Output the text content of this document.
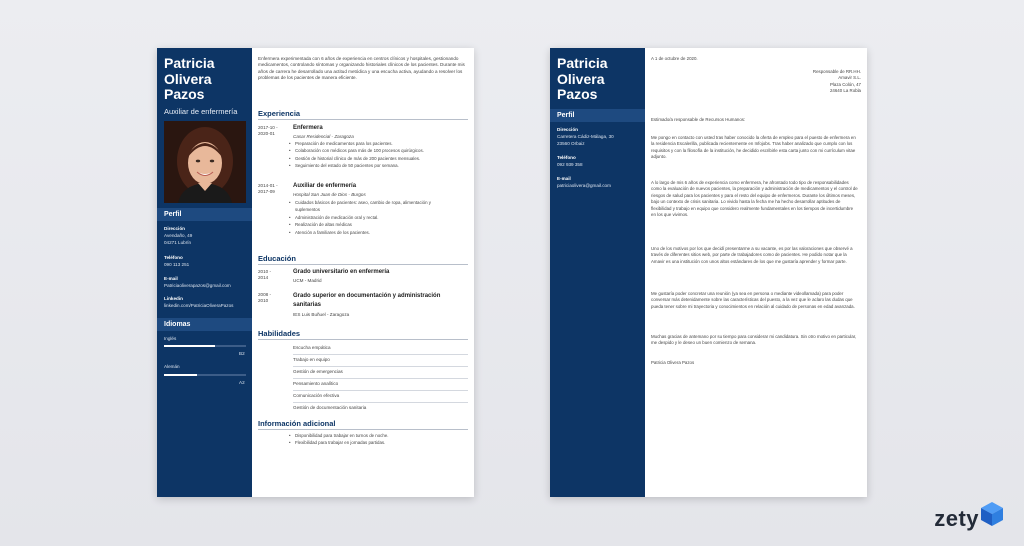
Patricia
Olivera
Pazos
Auxiliar de enfermería
Perfil
Dirección
Avendaño, 49
04271 Lubrín
Teléfono
090 113 251
E-mail
Patriciaoliverapazos@gmail.com
Linkedin
linkedin.com/PatriciaOliveraPazos
Idiomas
Inglés
B2
Alemán
A2
Enfermera experimentada con 6 años de experiencia en centros clínicos y hospitales, gestionando medicamentos, controlando síntomas y organizando historiales clínicos de los pacientes. Durante mis años de carrera he desarrollado una actitud metódica y una escucha activa, ayudando a resolver los problemas de los pacientes de manera eficiente.
Experiencia
2017-10 -
2020-01
Enfermera
Casar Residencial - Zaragoza
• Preparación de medicamentos para los pacientes.
• Colaboración con médicos para más de 100 procesos quirúrgicos.
• Gestión de historial clínico de más de 200 pacientes mensuales.
• Seguimiento del estado de 50 pacientes por semana.
2014-01 -
2017-09
Auxiliar de enfermería
Hospital San Juan de Dios - Burgos
• Cuidados básicos de pacientes: aseo, cambio de ropa, alimentación y
suplementos
• Administración de medicación oral y rectal.
• Realización de altas médicas
• Atención a familiares de los pacientes.
Educación
2010 -
2014
Grado universitario en enfermería
UCM - Madrid
2008 -
2010
Grado superior en documentación y administración
sanitarias
IES Luis Buñuel - Zaragoza
Habilidades
Escucha empática
Trabajo en equipo
Gestión de emergencias
Pensamiento analítico
Comunicación efectiva
Gestión de documentación sanitaria
Información adicional
• Disponibilidad para trabajar en turnos de noche.
• Flexibilidad para trabajar en jornadas partidas.
Patricia
Olivera
Pazos
Perfil
Dirección
Carretera Cádiz-Málaga, 30
23560 Orbaiz
Teléfono
092 939 358
E-mail
patriciaolivera@gmail.com
A 1 de octubre de 2020.
Responsable de RR.HH.
Amavir S.L.
Plaza Colón, 47
24640 La Robla
Estimado/a responsable de Recursos Humanos:
Me pongo en contacto con usted tras haber conocido la oferta de empleo para el puesto de enfermera en la residencia Escalerilla, publicada recientemente en Infojobs. Tras haber analizado que cumplo con los requisitos y con la filosofía de la institución, he decidido escribirle esta carta junto con mi currículum vitae adjunto.
A lo largo de mis 6 años de experiencia como enfermera, he afrontado todo tipo de responsabilidades como la evaluación de nuevos pacientes, la preparación y administración de medicamentos y el control de riesgos de salud para los pacientes y para el resto del equipo de enfermeros. Durante los últimos meses, bajo un contexto de crisis sanitaria. Lo vivido hasta la fecha me ha hecho desarrollar aptitudes de flexibilidad y trabajo en equipo que considero realmente fundamentales en los tiempos de incertidumbre en los que vivimos.
Uno de los motivos por los que decidí presentarme a su vacante, es por las valoraciones que observé a través de diferentes sitios web, por parte de trabajadores como de pacientes. He podido notar que la Amavir es una institución con unos altos estándares de los que me gustaría aprender y formar parte.
Me gustaría poder concretar una reunión (ya sea en persona o mediante videollamada) para poder conversar más detenidamente sobre las características del puesto, a la vez que le aclaro las dudas que pueda tener sobre mi trayectoria y conocimientos en relación al cuidado de personas en edad avanzada.
Muchas gracias de antemano por su tiempo para considerar mi candidatura. Sin otro motivo en particular, me despido y le deseo un buen comienzo de semana.
Patricia Olivera Pazos
zety
